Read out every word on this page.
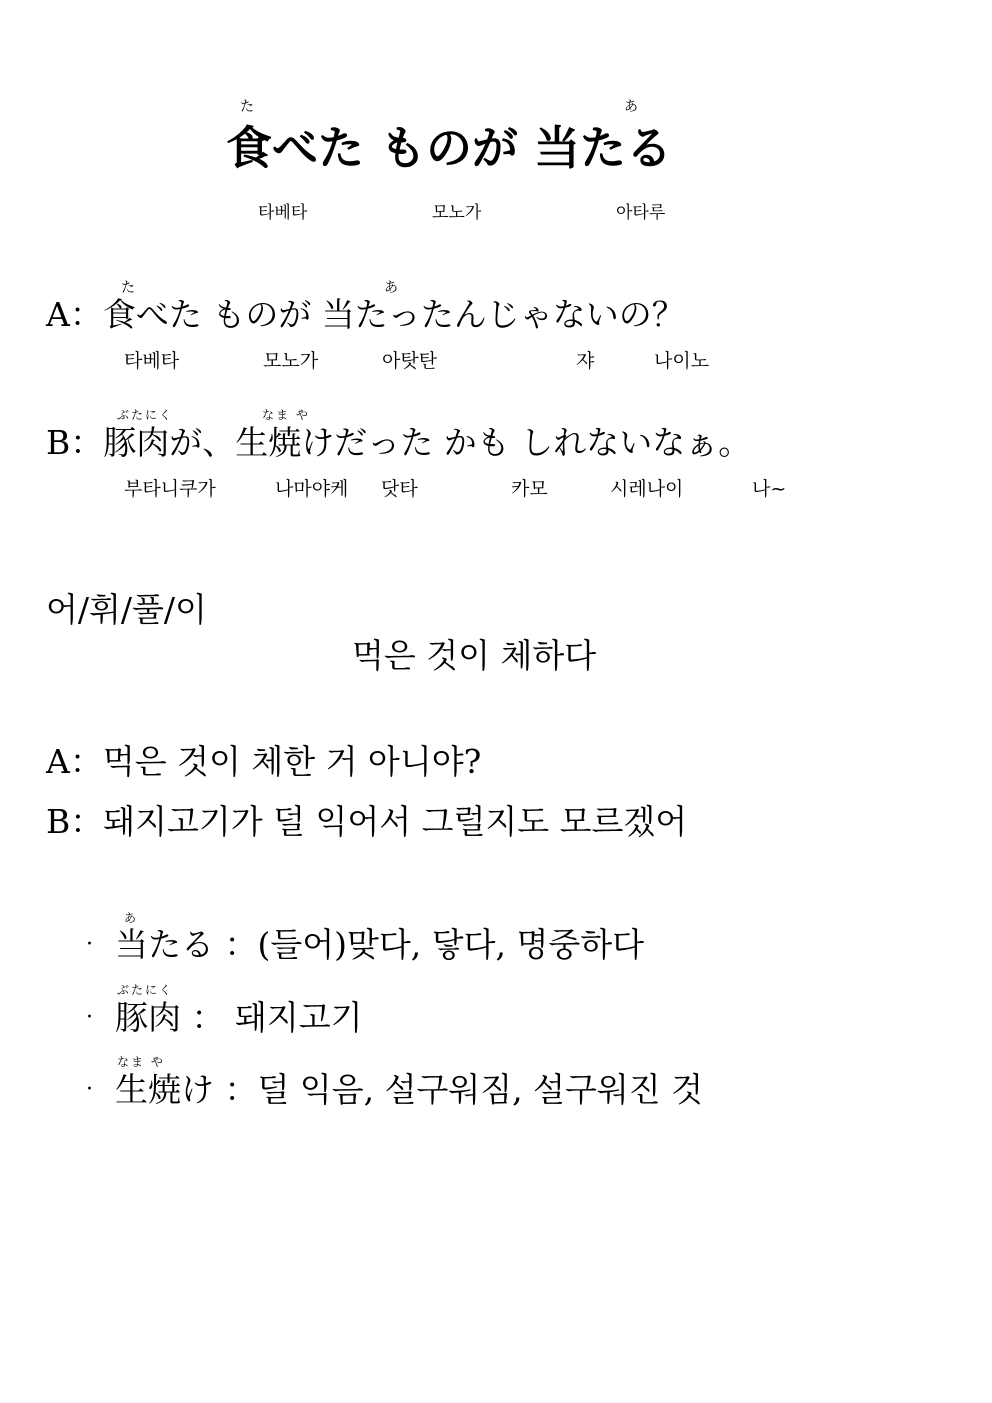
た	あ
食べた ものが 当たる
타베타	모노가	아타루
た	あ
A：食べた ものが 当たったんじゃないの？
타베타	모노가	아탓탄	쟈	나이노
ぶたにく	なま や
B：豚肉が、生焼けだった かも しれないなぁ。
부타니쿠가	나마야케 닷타	카모	시레나이	나~
어/휘/풀/이
먹은 것이 체하다
A：먹은 것이 체한 거 아니야?
B：돼지고기가 덜 익어서 그럴지도 모르겠어
·
あ
当たる ：(들어)맞다, 닿다, 명중하다
·
ぶたにく
豚肉 ： 돼지고기
·
なま や
生焼け ：덜 익음, 설구워짐, 설구워진 것
